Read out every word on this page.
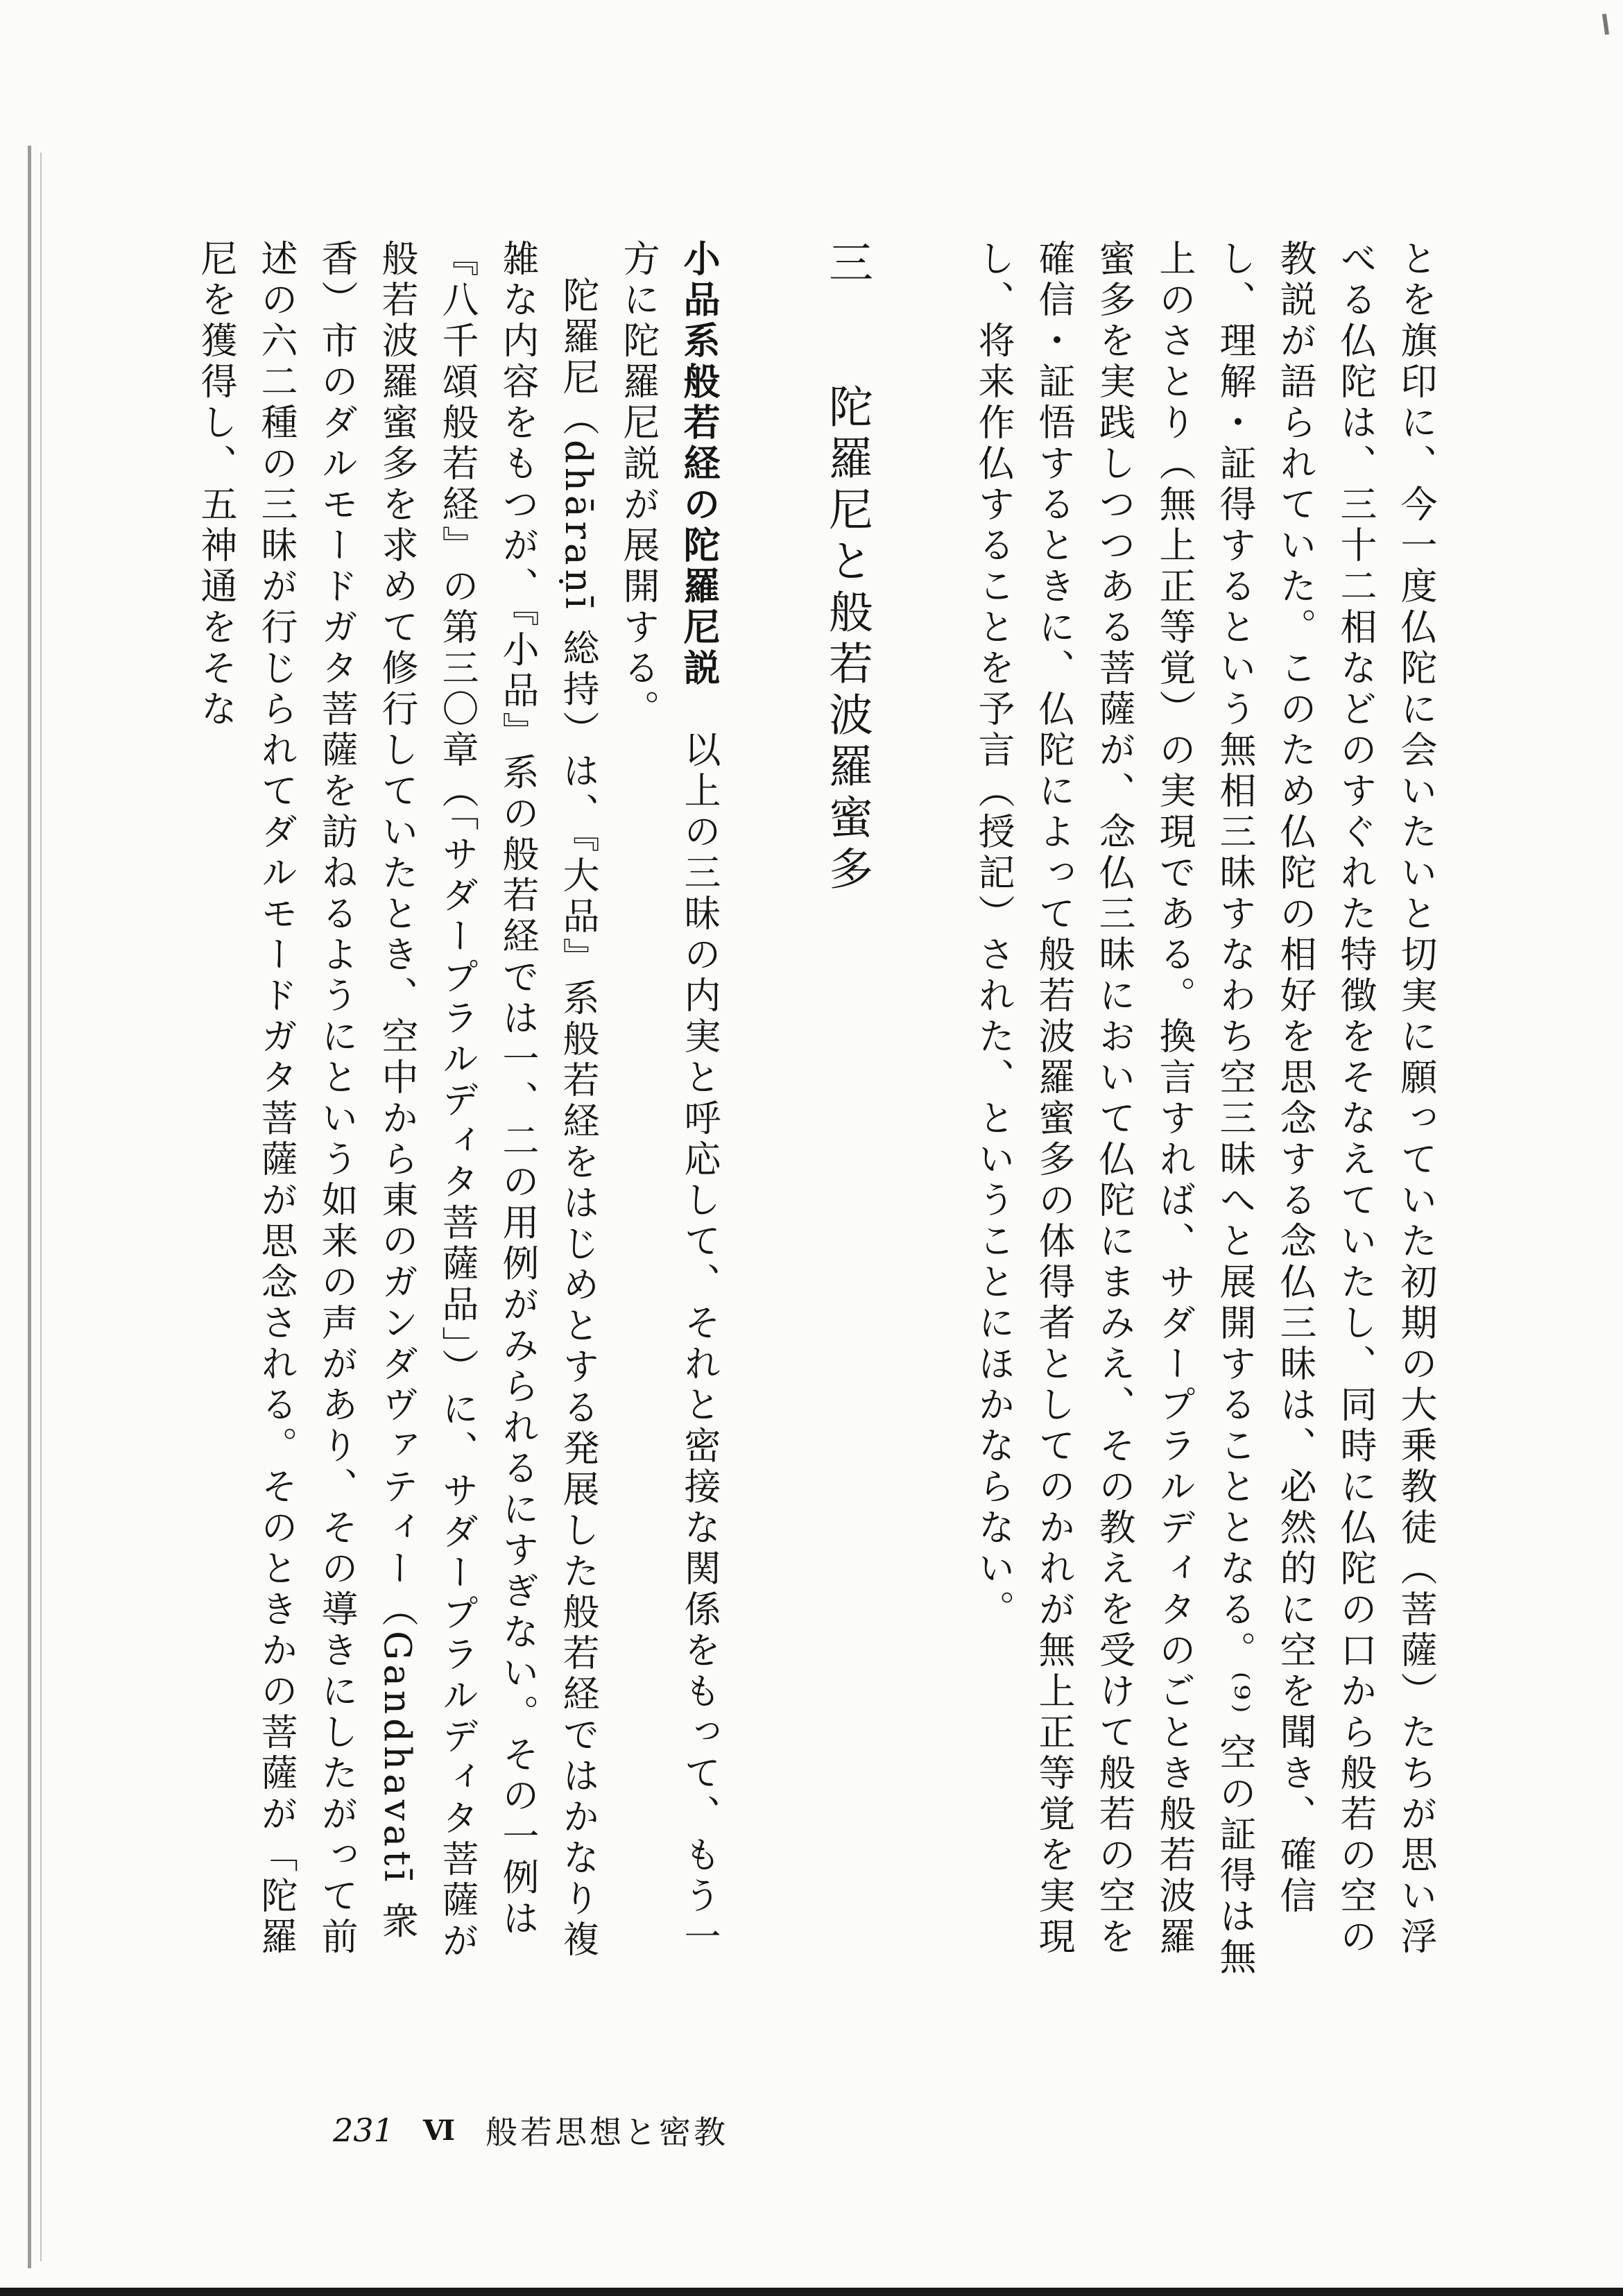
とを旗印に、今一度仏陀に会いたいと切実に願っていた初期の大乗教徒（菩薩）たちが思い浮べる仏陀は、三十二相などのすぐれた特徴をそなえていたし、同時に仏陀の口から般若の空の教説が語られていた。このため仏陀の相好を思念する念仏三昧は、必然的に空を聞き、確信し、理解・証得するという無相三昧すなわち空三昧へと展開することとなる。⁽⁹⁾ 空の証得は無上のさとり（無上正等覚）の実現である。換言すれば、サダープラルディタのごとき般若波羅蜜多を実践しつつある菩薩が、念仏三昧において仏陀にまみえ、その教えを受けて般若の空を確信・証悟するときに、仏陀によって般若波羅蜜多の体得者としてのかれが無上正等覚を実現し、将来作仏することを予言（授記）された、ということにほかならない。

三　陀羅尼と般若波羅蜜多

小品系般若経の陀羅尼説　以上の三昧の内実と呼応して、それと密接な関係をもって、もう一方に陀羅尼説が展開する。

陀羅尼（dhāraṇī 総持）は、『大品』系般若経をはじめとする発展した般若経ではかなり複雑な内容をもつが、『小品』系の般若経では一、二の用例がみられるにすぎない。その一例は『八千頌般若経』の第三〇章（「サダープラルディタ菩薩品」）に、サダープラルディタ菩薩が般若波羅蜜多を求めて修行していたとき、空中から東のガンダヴァティー（Gandhavatī 衆香）市のダルモードガタ菩薩を訪ねるようにという如来の声があり、その導きにしたがって前述の六二種の三昧が行じられてダルモードガタ菩薩が思念される。そのときかの菩薩が「陀羅尼を獲得し、五神通をそな

231	Ⅵ 般若思想と密教
